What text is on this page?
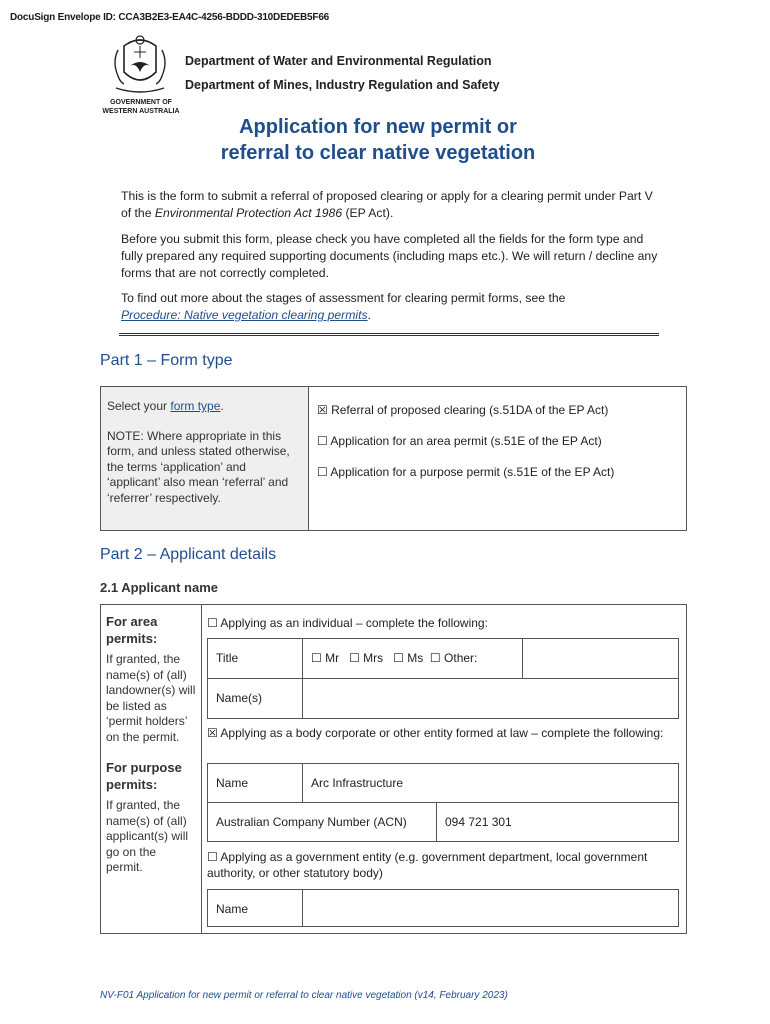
DocuSign Envelope ID: CCA3B2E3-EA4C-4256-BDDD-310DEDEB5F66
GOVERNMENT OF
WESTERN AUSTRALIA
Department of Water and Environmental Regulation
Department of Mines, Industry Regulation and Safety
Application for new permit or
referral to clear native vegetation
This is the form to submit a referral of proposed clearing or apply for a clearing permit under Part V of the Environmental Protection Act 1986 (EP Act).
Before you submit this form, please check you have completed all the fields for the form type and fully prepared any required supporting documents (including maps etc.). We will return / decline any forms that are not correctly completed.
To find out more about the stages of assessment for clearing permit forms, see the
Procedure: Native vegetation clearing permits.
Part 1 – Form type
Select your form type.
NOTE: Where appropriate in this form, and unless stated otherwise, the terms ‘application’ and ‘applicant’ also mean ‘referral’ and ‘referrer’ respectively.
☒ Referral of proposed clearing (s.51DA of the EP Act)
☐ Application for an area permit (s.51E of the EP Act)
☐ Application for a purpose permit (s.51E of the EP Act)
Part 2 – Applicant details
2.1 Applicant name
For area permits:
If granted, the name(s) of (all) landowner(s) will be listed as ‘permit holders’ on the permit.
For purpose permits:
If granted, the name(s) of (all) applicant(s) will go on the permit.
☐ Applying as an individual – complete the following:
Title	☐ Mr   ☐ Mrs   ☐ Ms  ☐ Other:
Name(s)
☒ Applying as a body corporate or other entity formed at law – complete the following:
Name	Arc Infrastructure
Australian Company Number (ACN)	094 721 301
☐ Applying as a government entity (e.g. government department, local government authority, or other statutory body)
Name
NV-F01 Application for new permit or referral to clear native vegetation (v14, February 2023)
